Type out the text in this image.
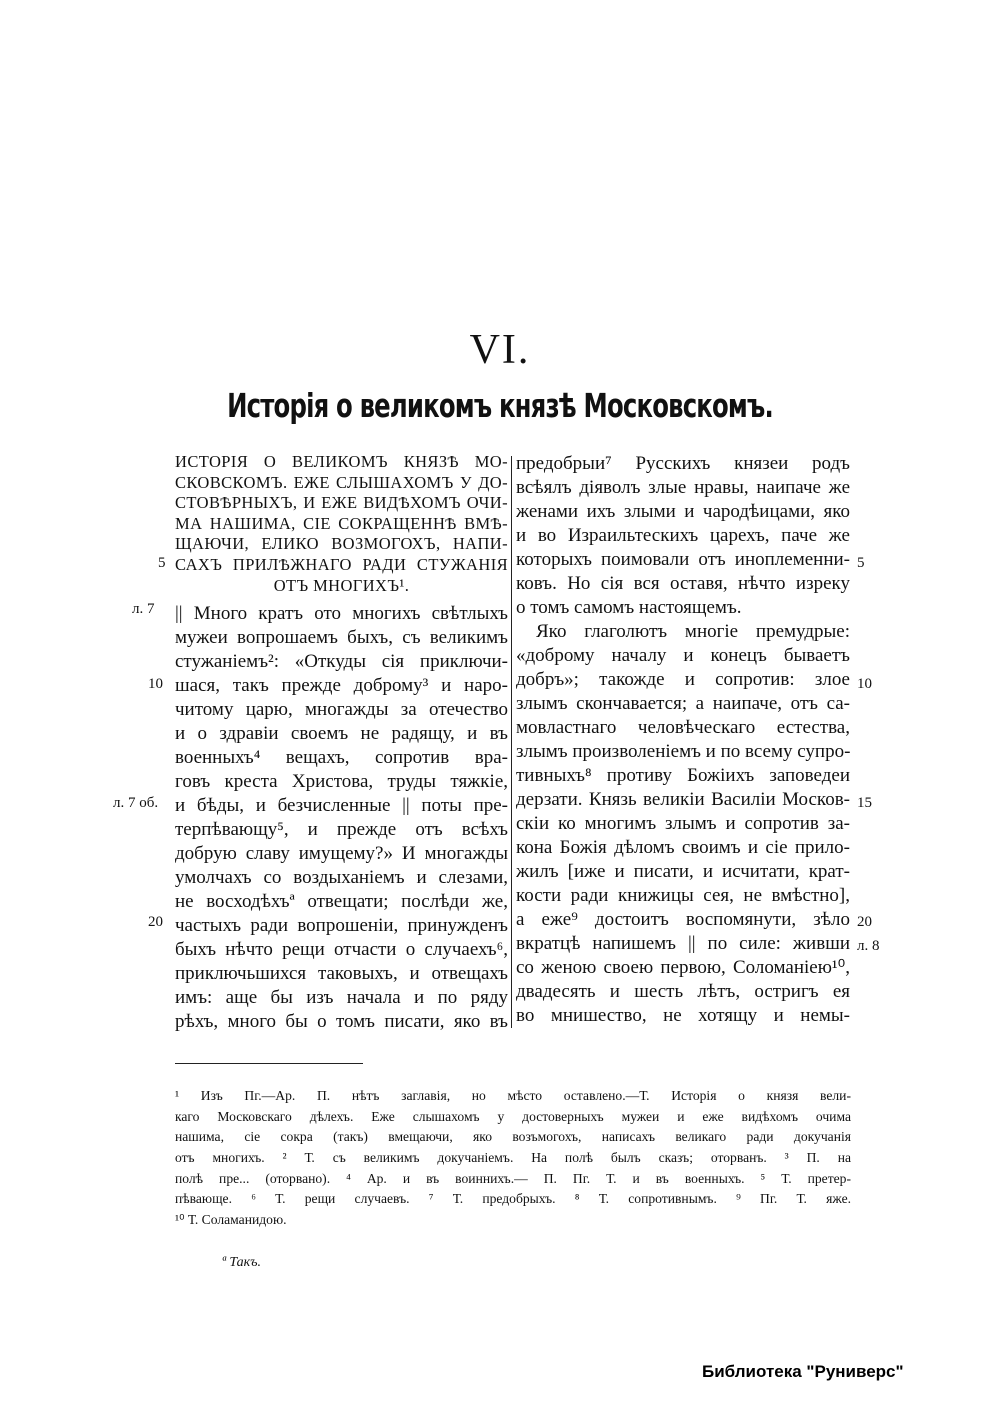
VI.
Исторія о великомъ князѣ Московскомъ.
ИСТОРІЯ О ВЕЛИКОМЪ КНЯЗѢ МО-
СКОВСКОМЪ. ЕЖЕ СЛЫШАХОМЪ У ДО-
СТОВѢРНЫХЪ, И ЕЖЕ ВИДѢХОМЪ ОЧИ-
МА НАШИМА, СІЕ СОКРАЩЕННѢ ВМѢ-
ЩАЮЧИ, ЕЛИКО ВОЗМОГОХЪ, НАПИ-
САХЪ ПРИЛѢЖНАГО РАДИ СТУЖАНІЯ
ОТЪ МНОГИХЪ¹.
|| Много кратъ ото многихъ свѣтлыхъ
мужеи вопрошаемъ быхъ, съ великимъ
стужаніемъ²: «Откуды сія приключи-
шася, такъ прежде доброму³ и наро-
читому царю, многажды за отечество
и о здравіи своемъ не радящу, и въ
военныхъ⁴ вещахъ, сопротив вра-
говъ креста Христова, труды тяжкіе,
и бѣды, и безчисленные || поты пре-
терпѣвающу⁵, и прежде отъ всѣхъ
добрую славу имущему?» И многажды
умолчахъ со воздыханіемъ и слезами,
не восходѣхъª отвещати; послѣди же,
частыхъ ради вопрошеніи, принужденъ
быхъ нѣчто рещи отчасти о случаехъ⁶,
приключьшихся таковыхъ, и отвещахъ
имъ: аще бы изъ начала и по ряду
рѣхъ, много бы о томъ писати, яко въ
предобрыи⁷ Русскихъ князеи родъ
всѣялъ діяволъ злые нравы, наипаче же
женами ихъ злыми и чародѣицами, яко
и во Израильтескихъ царехъ, паче же
которыхъ поимовали отъ иноплеменни-
ковъ. Но сія вся оставя, нѣчто изреку
о томъ самомъ настоящемъ.
Яко глаголютъ многіе премудрые:
«доброму началу и конецъ бываетъ
добръ»; такожде и сопротив: злое
злымъ скончавается; а наипаче, отъ са-
мовластнаго человѣческаго естества,
злымъ произволеніемъ и по всему супро-
тивныхъ⁸ противу Божіихъ заповедеи
дерзати. Князь великіи Василіи Москов-
скіи ко многимъ злымъ и сопротив за-
кона Божія дѣломъ своимъ и сіе прило-
жилъ [иже и писати, и исчитати, крат-
кости ради книжицы сея, не вмѣстно],
а еже⁹ достоитъ воспомянути, зѣло
вкратцѣ напишемъ || по силе: живши
со женою своею первою, Соломаніею¹⁰,
двадесять и шесть лѣтъ, остригъ ея
во мнишество, не хотящу и немы-
5
л. 7
10
л. 7 об.
20
5
10
15
20
л. 8
¹ Изъ Пг.—Ар. П. нѣтъ заглавія, но мѣсто оставлено.—Т. Исторія о князя вели-
каго Московскаго дѣлехъ. Еже слышахомъ у достоверныхъ мужеи и еже видѣхомъ очима
нашима, сіе сокра (такъ) вмещаючи, яко возъмогохъ, написахъ великаго ради докучанія
отъ многихъ. ² Т. съ великимъ докучаніемъ. На полѣ былъ сказъ; оторванъ. ³ П. на
полѣ пре... (оторвано). ⁴ Ар. и въ воиннихъ.— П. Пг. Т. и въ военныхъ. ⁵ Т. претер-
пѣвающе. ⁶ Т. рещи случаевъ. ⁷ Т. предобрыхъ. ⁸ Т. сопротивнымъ. ⁹ Пг. Т. яже.
¹⁰ Т. Соламанидою.
ª Такъ.
Библиотека "Руниверс"
